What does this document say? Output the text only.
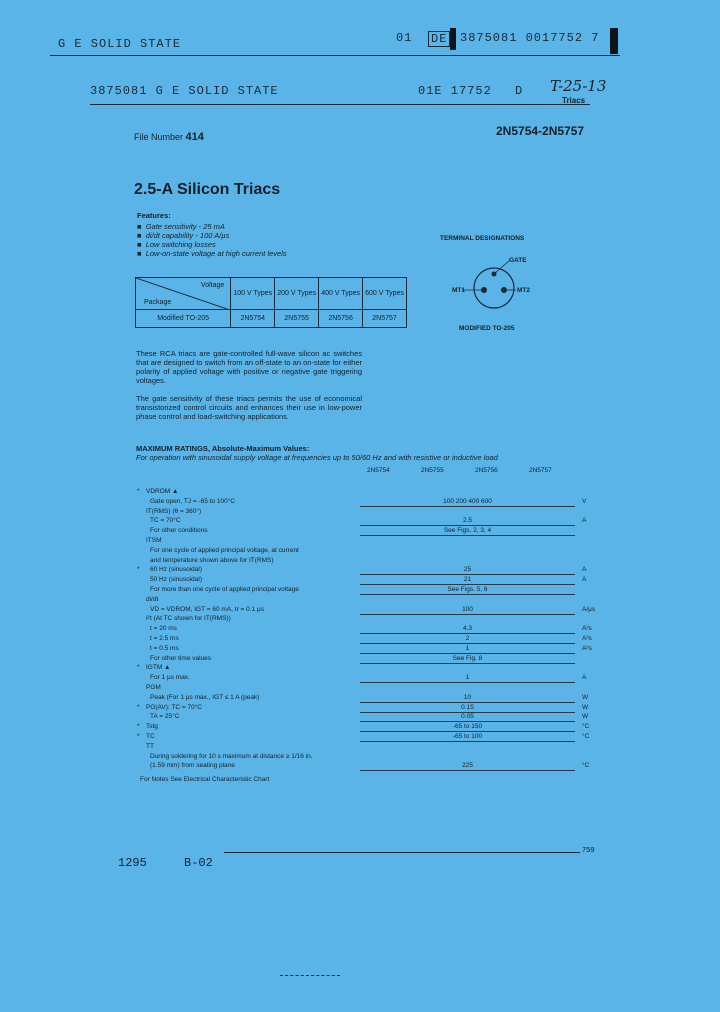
G E SOLID STATE	01 DE 3875081 0017752 7
3875081 G E SOLID STATE	01E 17752 D T-25-13
Triacs
File Number 414	2N5754-2N5757
2.5-A Silicon Triacs
Features:
■  Gate sensitivity - 25 mA
■  di/dt capability - 100 A/µs
■  Low switching losses
■  Low-on-state voltage at high current levels
Voltage
Package	100 V Types	200 V Types	400 V Types	600 V Types
Modified TO-205	2N5754	2N5755	2N5756	2N5757
TERMINAL DESIGNATIONS
GATE
MT1	MT2
MODIFIED TO-205
These RCA triacs are gate-controlled full-wave silicon ac switches that are designed to switch from an off-state to an on-state for either polarity of applied voltage with positive or negative gate triggering voltages.
The gate sensitivity of these triacs permits the use of economical transistorized control circuits and enhances their use in low-power phase control and load-switching applications.
MAXIMUM RATINGS, Absolute-Maximum Values:
For operation with sinusoidal supply voltage at frequencies up to 50/60 Hz and with resistive or inductive load
2N5754	2N5755	2N5756	2N5757
* VDROM ▲
Gate open, TJ = -65 to 100°C	100 200 400 600	V
IT(RMS) (θ = 360°)
TC = 70°C	2.5	A
For other conditions	See Figs. 2, 3, 4
ITSM
For one cycle of applied principal voltage, at current
and temperature shown above for IT(RMS)
* 60 Hz (sinusoidal)	25	A
50 Hz (sinusoidal)	21	A
For more than one cycle of applied principal voltage	See Figs. 5, 6
di/dt
VD = VDROM, IGT = 60 mA, tr = 0.1 µs	100	A/µs
I²t (At TC shown for IT(RMS))
t = 20 ms	4.3	A²s
t = 2.5 ms	2	A²s
t = 0.5 ms	1	A²s
For other time values	See Fig. 8
* IGTM ▲
For 1 µs max.	1	A
PGM
Peak (For 1 µs max., IGT ≤ 1 A (peak)	10	W
* PG(AV): TC = 70°C	0.15	W
TA = 25°C	0.05	W
* Tstg	-65 to 150	°C
* TC	-65 to 100	°C
TT
During soldering for 10 s maximum at distance ≥ 1/16 in.
(1.59 mm) from seating plane	225	°C
For Notes See Electrical Characteristic Chart
759
1295	B-02
